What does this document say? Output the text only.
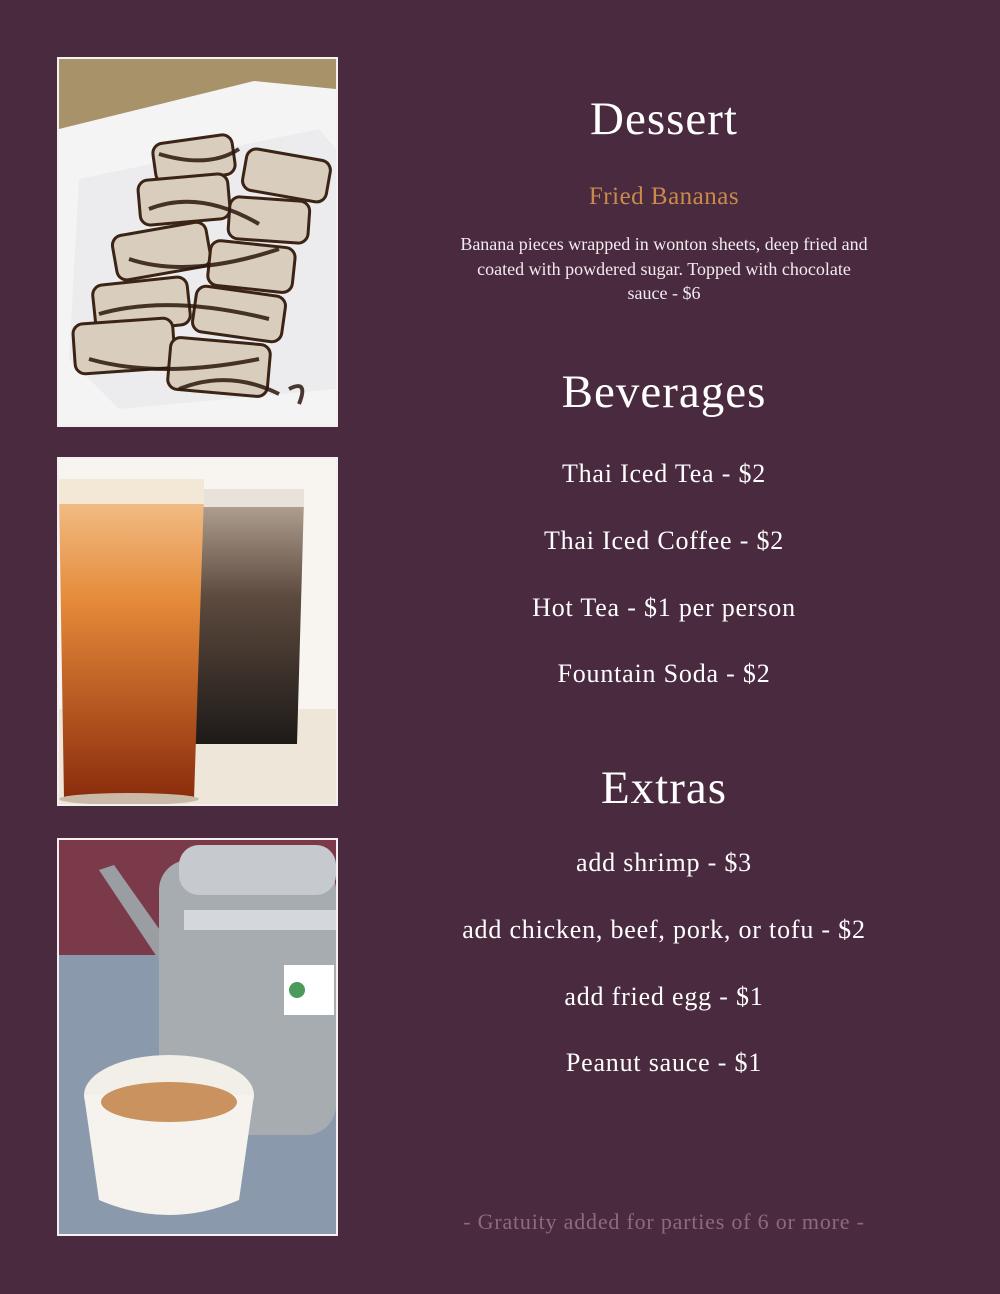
Dessert
Fried Bananas
Banana pieces wrapped in wonton sheets, deep fried and coated with powdered sugar. Topped with chocolate sauce - $6
Beverages
Thai Iced Tea - $2
Thai Iced Coffee - $2
Hot Tea - $1 per person
Fountain Soda - $2
Extras
add shrimp - $3
add chicken, beef, pork, or tofu - $2
add fried egg - $1
Peanut sauce - $1
- Gratuity added for parties of 6 or more -
